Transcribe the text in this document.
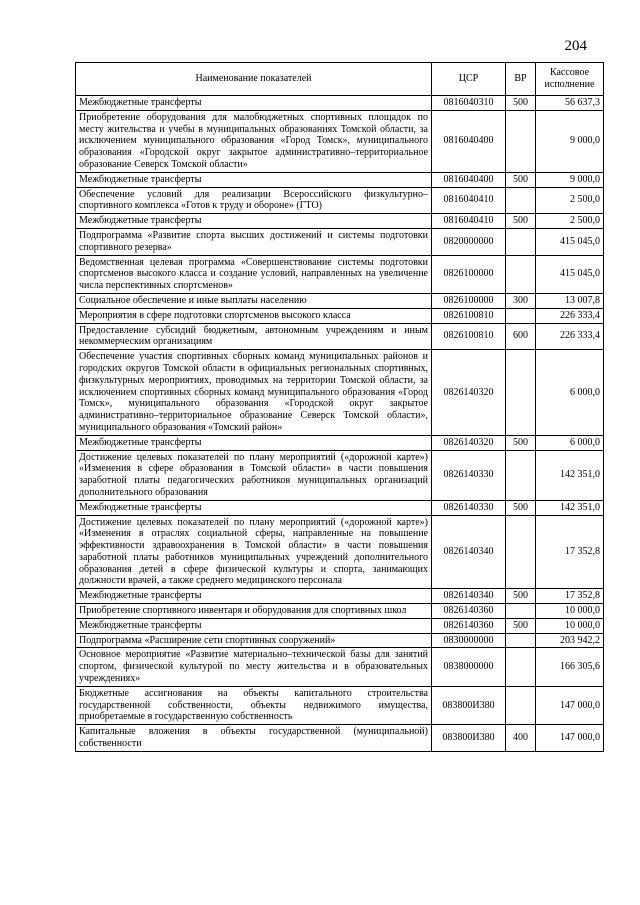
204
Наименование показателей	ЦСР	ВР	Кассовое исполнение
Межбюджетные трансферты	0816040310	500	56 637,3
Приобретение оборудования для малобюджетных спортивных площадок по месту жительства и учебы в муниципальных образованиях Томской области, за исключением муниципального образования «Город Томск», муниципального образования «Городской округ закрытое административно–территориальное образование Северск Томской области»	0816040400		9 000,0
Межбюджетные трансферты	0816040400	500	9 000,0
Обеспечение условий для реализации Всероссийского физкультурно–спортивного комплекса «Готов к труду и обороне» (ГТО)	0816040410		2 500,0
Межбюджетные трансферты	0816040410	500	2 500,0
Подпрограмма «Развитие спорта высших достижений и системы подготовки спортивного резерва»	0820000000		415 045,0
Ведомственная целевая программа «Совершенствование системы подготовки спортсменов высокого класса и создание условий, направленных на увеличение числа перспективных спортсменов»	0826100000		415 045,0
Социальное обеспечение и иные выплаты населению	0826100000	300	13 007,8
Мероприятия в сфере подготовки спортсменов высокого класса	0826100810		226 333,4
Предоставление субсидий бюджетным, автономным учреждениям и иным некоммерческим организациям	0826100810	600	226 333,4
Обеспечение участия спортивных сборных команд муниципальных районов и городских округов Томской области в официальных региональных спортивных, физкультурных мероприятиях, проводимых на территории Томской области, за исключением спортивных сборных команд муниципального образования «Город Томск», муниципального образования «Городской округ закрытое административно–территориальное образование Северск Томской области», муниципального образования «Томский район»	0826140320		6 000,0
Межбюджетные трансферты	0826140320	500	6 000,0
Достижение целевых показателей по плану мероприятий («дорожной карте») «Изменения в сфере образования в Томской области» в части повышения заработной платы педагогических работников муниципальных организаций дополнительного образования	0826140330		142 351,0
Межбюджетные трансферты	0826140330	500	142 351,0
Достижение целевых показателей по плану мероприятий («дорожной карте») «Изменения в отраслях социальной сферы, направленные на повышение эффективности здравоохранения в Томской области» в части повышения заработной платы работников муниципальных учреждений дополнительного образования детей в сфере физической культуры и спорта, занимающих должности врачей, а также среднего медицинского персонала	0826140340		17 352,8
Межбюджетные трансферты	0826140340	500	17 352,8
Приобретение спортивного инвентаря и оборудования для спортивных школ	0826140360		10 000,0
Межбюджетные трансферты	0826140360	500	10 000,0
Подпрограмма «Расширение сети спортивных сооружений»	0830000000		203 942,2
Основное мероприятие «Развитие материально–технической базы для занятий спортом, физической культурой по месту жительства и в образовательных учреждениях»	0838000000		166 305,6
Бюджетные ассигнования на объекты капитального строительства государственной собственности, объекты недвижимого имущества, приобретаемые в государственную собственность	083800И380		147 000,0
Капитальные вложения в объекты государственной (муниципальной) собственности	083800И380	400	147 000,0
